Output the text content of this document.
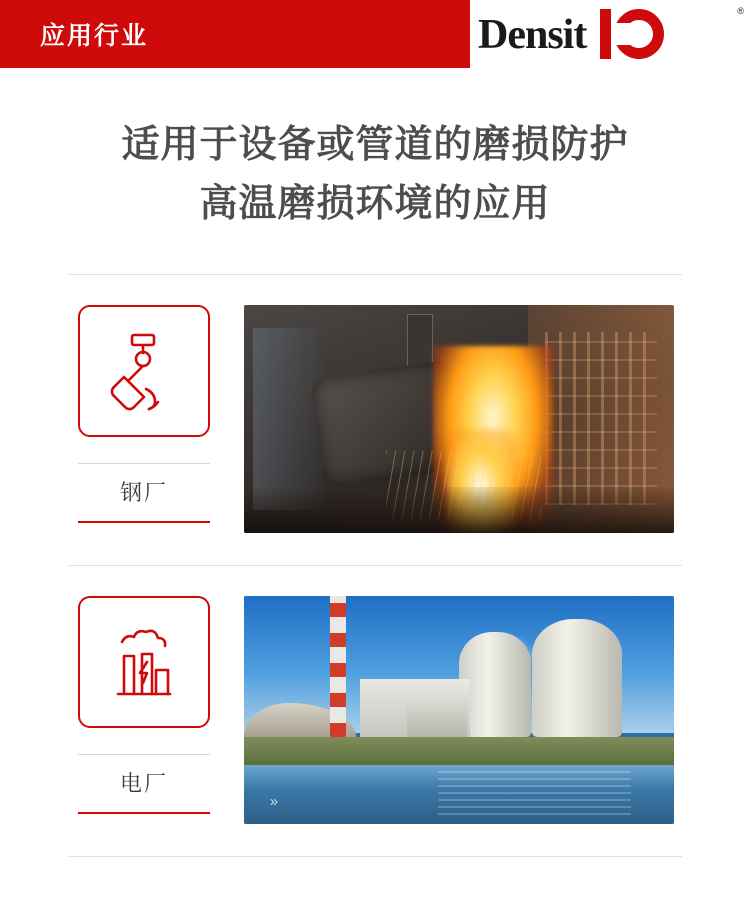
应用行业	Densit
®
适用于设备或管道的磨损防护
高温磨损环境的应用
钢厂
电厂
»
